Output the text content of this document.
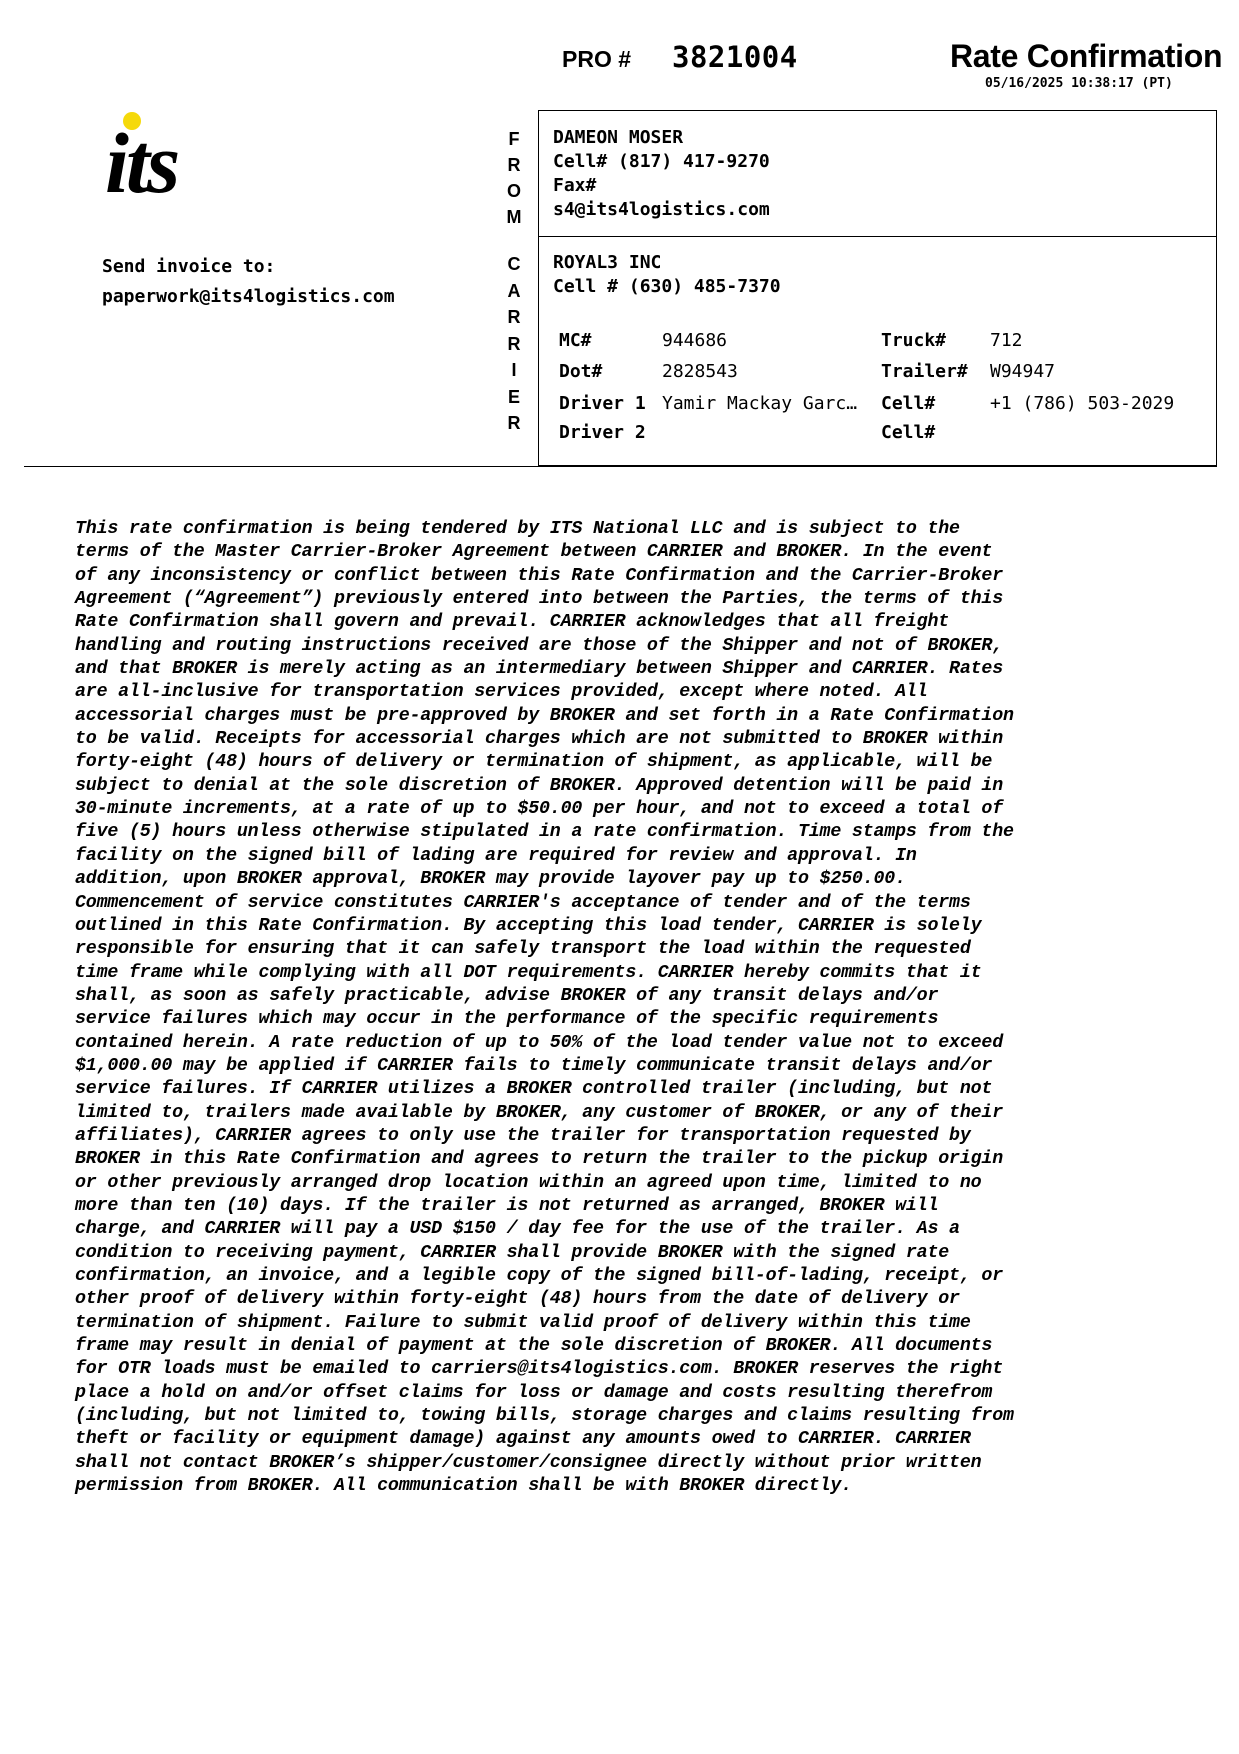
PRO # 3821004	Rate Confirmation
05/16/2025 10:38:17 (PT)
its
Send invoice to:
paperwork@its4logistics.com
F
R
O
M
C
A
R
R
I
E
R
DAMEON MOSER
Cell# (817) 417-9270
Fax#
s4@its4logistics.com
ROYAL3 INC
Cell # (630) 485-7370
MC#	944686	Truck# 712
Dot#	2828543	Trailer# W94947
Driver 1 Yamir Mackay Garc… Cell#	+1 (786) 503-2029
Driver 2	Cell#
This rate confirmation is being tendered by ITS National LLC and is subject to the
terms of the Master Carrier-Broker Agreement between CARRIER and BROKER. In the event
of any inconsistency or conflict between this Rate Confirmation and the Carrier-Broker
Agreement (“Agreement”) previously entered into between the Parties, the terms of this
Rate Confirmation shall govern and prevail. CARRIER acknowledges that all freight
handling and routing instructions received are those of the Shipper and not of BROKER,
and that BROKER is merely acting as an intermediary between Shipper and CARRIER. Rates
are all-inclusive for transportation services provided, except where noted. All
accessorial charges must be pre-approved by BROKER and set forth in a Rate Confirmation
to be valid. Receipts for accessorial charges which are not submitted to BROKER within
forty-eight (48) hours of delivery or termination of shipment, as applicable, will be
subject to denial at the sole discretion of BROKER. Approved detention will be paid in
30-minute increments, at a rate of up to $50.00 per hour, and not to exceed a total of
five (5) hours unless otherwise stipulated in a rate confirmation. Time stamps from the
facility on the signed bill of lading are required for review and approval. In
addition, upon BROKER approval, BROKER may provide layover pay up to $250.00.
Commencement of service constitutes CARRIER's acceptance of tender and of the terms
outlined in this Rate Confirmation. By accepting this load tender, CARRIER is solely
responsible for ensuring that it can safely transport the load within the requested
time frame while complying with all DOT requirements. CARRIER hereby commits that it
shall, as soon as safely practicable, advise BROKER of any transit delays and/or
service failures which may occur in the performance of the specific requirements
contained herein. A rate reduction of up to 50% of the load tender value not to exceed
$1,000.00 may be applied if CARRIER fails to timely communicate transit delays and/or
service failures. If CARRIER utilizes a BROKER controlled trailer (including, but not
limited to, trailers made available by BROKER, any customer of BROKER, or any of their
affiliates), CARRIER agrees to only use the trailer for transportation requested by
BROKER in this Rate Confirmation and agrees to return the trailer to the pickup origin
or other previously arranged drop location within an agreed upon time, limited to no
more than ten (10) days. If the trailer is not returned as arranged, BROKER will
charge, and CARRIER will pay a USD $150 / day fee for the use of the trailer. As a
condition to receiving payment, CARRIER shall provide BROKER with the signed rate
confirmation, an invoice, and a legible copy of the signed bill-of-lading, receipt, or
other proof of delivery within forty-eight (48) hours from the date of delivery or
termination of shipment. Failure to submit valid proof of delivery within this time
frame may result in denial of payment at the sole discretion of BROKER. All documents
for OTR loads must be emailed to carriers@its4logistics.com. BROKER reserves the right
place a hold on and/or offset claims for loss or damage and costs resulting therefrom
(including, but not limited to, towing bills, storage charges and claims resulting from
theft or facility or equipment damage) against any amounts owed to CARRIER. CARRIER
shall not contact BROKER’s shipper/customer/consignee directly without prior written
permission from BROKER. All communication shall be with BROKER directly.
